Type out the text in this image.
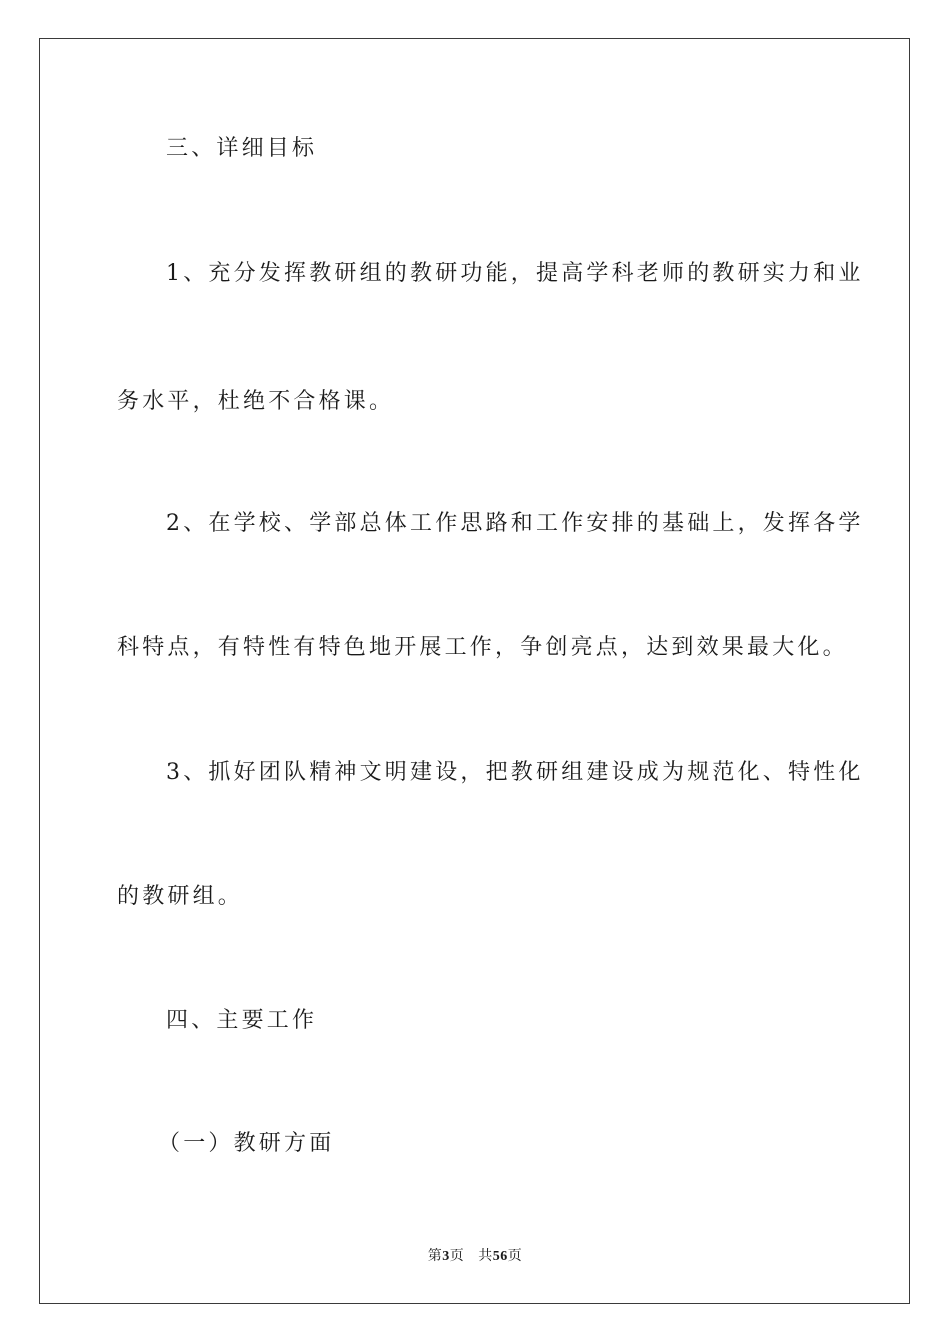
三、详细目标
1、充分发挥教研组的教研功能，提高学科老师的教研实力和业
务水平，杜绝不合格课。
2、在学校、学部总体工作思路和工作安排的基础上，发挥各学
科特点，有特性有特色地开展工作，争创亮点，达到效果最大化。
3、抓好团队精神文明建设，把教研组建设成为规范化、特性化
的教研组。
四、主要工作
（一）教研方面
第3页 共56页
